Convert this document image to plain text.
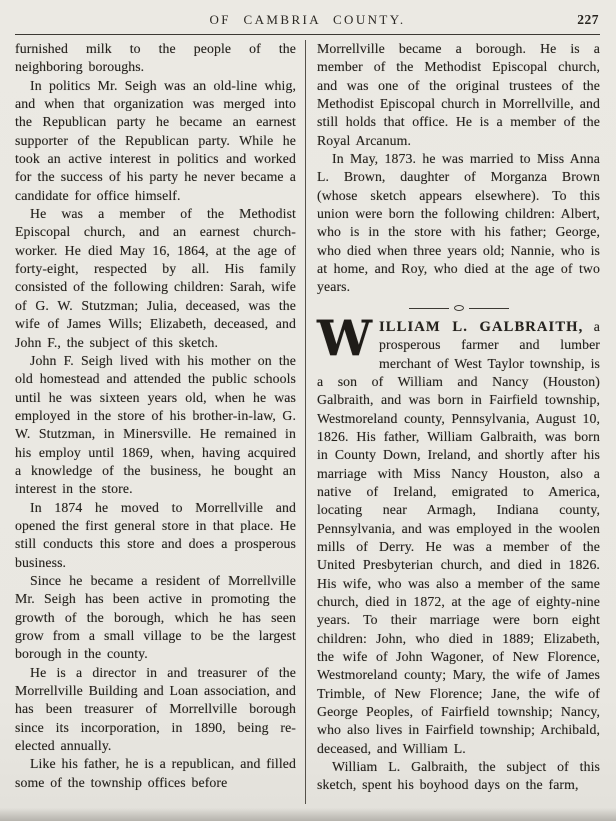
OF CAMBRIA COUNTY.	227

furnished milk to the people of the neighboring boroughs.

In politics Mr. Seigh was an old-line whig, and when that organization was merged into the Republican party he became an earnest supporter of the Republican party. While he took an active interest in politics and worked for the success of his party he never became a candidate for office himself.

He was a member of the Methodist Episcopal church, and an earnest church-worker. He died May 16, 1864, at the age of forty-eight, respected by all. His family consisted of the following children: Sarah, wife of G. W. Stutzman; Julia, deceased, was the wife of James Wills; Elizabeth, deceased, and John F., the subject of this sketch.

John F. Seigh lived with his mother on the old homestead and attended the public schools until he was sixteen years old, when he was employed in the store of his brother-in-law, G. W. Stutzman, in Minersville. He remained in his employ until 1869, when, having acquired a knowledge of the business, he bought an interest in the store.

In 1874 he moved to Morrellville and opened the first general store in that place. He still conducts this store and does a prosperous business.

Since he became a resident of Morrellville Mr. Seigh has been active in promoting the growth of the borough, which he has seen grow from a small village to be the largest borough in the county.

He is a director in and treasurer of the Morrellville Building and Loan association, and has been treasurer of Morrellville borough since its incorporation, in 1890, being re-elected annually.

Like his father, he is a republican, and filled some of the township offices before

Morrellville became a borough. He is a member of the Methodist Episcopal church, and was one of the original trustees of the Methodist Episcopal church in Morrellville, and still holds that office. He is a member of the Royal Arcanum.

In May, 1873. he was married to Miss Anna L. Brown, daughter of Morganza Brown (whose sketch appears elsewhere). To this union were born the following children: Albert, who is in the store with his father; George, who died when three years old; Nannie, who is at home, and Roy, who died at the age of two years.

WILLIAM L. GALBRAITH, a prosperous farmer and lumber merchant of West Taylor township, is a son of William and Nancy (Houston) Galbraith, and was born in Fairfield township, Westmoreland county, Pennsylvania, August 10, 1826. His father, William Galbraith, was born in County Down, Ireland, and shortly after his marriage with Miss Nancy Houston, also a native of Ireland, emigrated to America, locating near Armagh, Indiana county, Pennsylvania, and was employed in the woolen mills of Derry. He was a member of the United Presbyterian church, and died in 1826. His wife, who was also a member of the same church, died in 1872, at the age of eighty-nine years. To their marriage were born eight children: John, who died in 1889; Elizabeth, the wife of John Wagoner, of New Florence, Westmoreland county; Mary, the wife of James Trimble, of New Florence; Jane, the wife of George Peoples, of Fairfield township; Nancy, who also lives in Fairfield township; Archibald, deceased, and William L.

William L. Galbraith, the subject of this sketch, spent his boyhood days on the farm,
